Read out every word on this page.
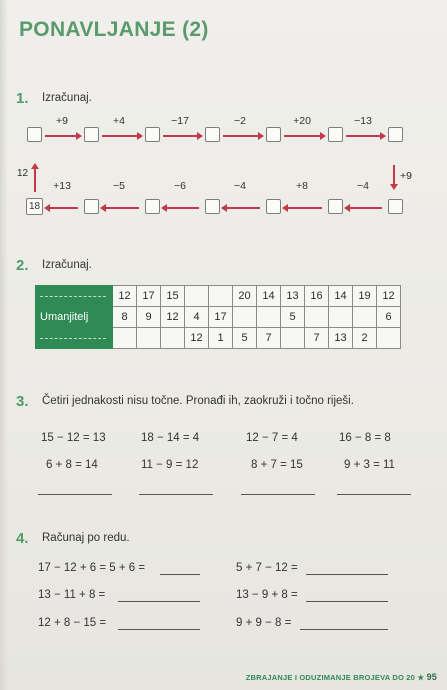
PONAVLJANJE (2)
1. Izračunaj.
+9	+4	−17	−2	+20	−13
12	+9
18
+13	−5	−6	−4	+8	−4
2. Izračunaj.
	12	17	15			20	14	13	16	14	19	12
Umanjitelj	8	9	12	4	17			5				6

				12	1	5	7		7	13	2	
3. Četiri jednakosti nisu točne. Pronađi ih, zaokruži i točno riješi.
15 − 12 = 13	18 − 14 = 4	12 − 7 = 4	16 − 8 = 8
6 + 8 = 14	11 − 9 = 12	8 + 7 = 15	9 + 3 = 11
4. Računaj po redu.
17 − 12 + 6 = 5 + 6 =	5 + 7 − 12 =
13 − 11 + 8 =	13 − 9 + 8 =
12 + 8 − 15 =	9 + 9 − 8 =
ZBRAJANJE I ODUZIMANJE BROJEVA DO 20 ★ 95
